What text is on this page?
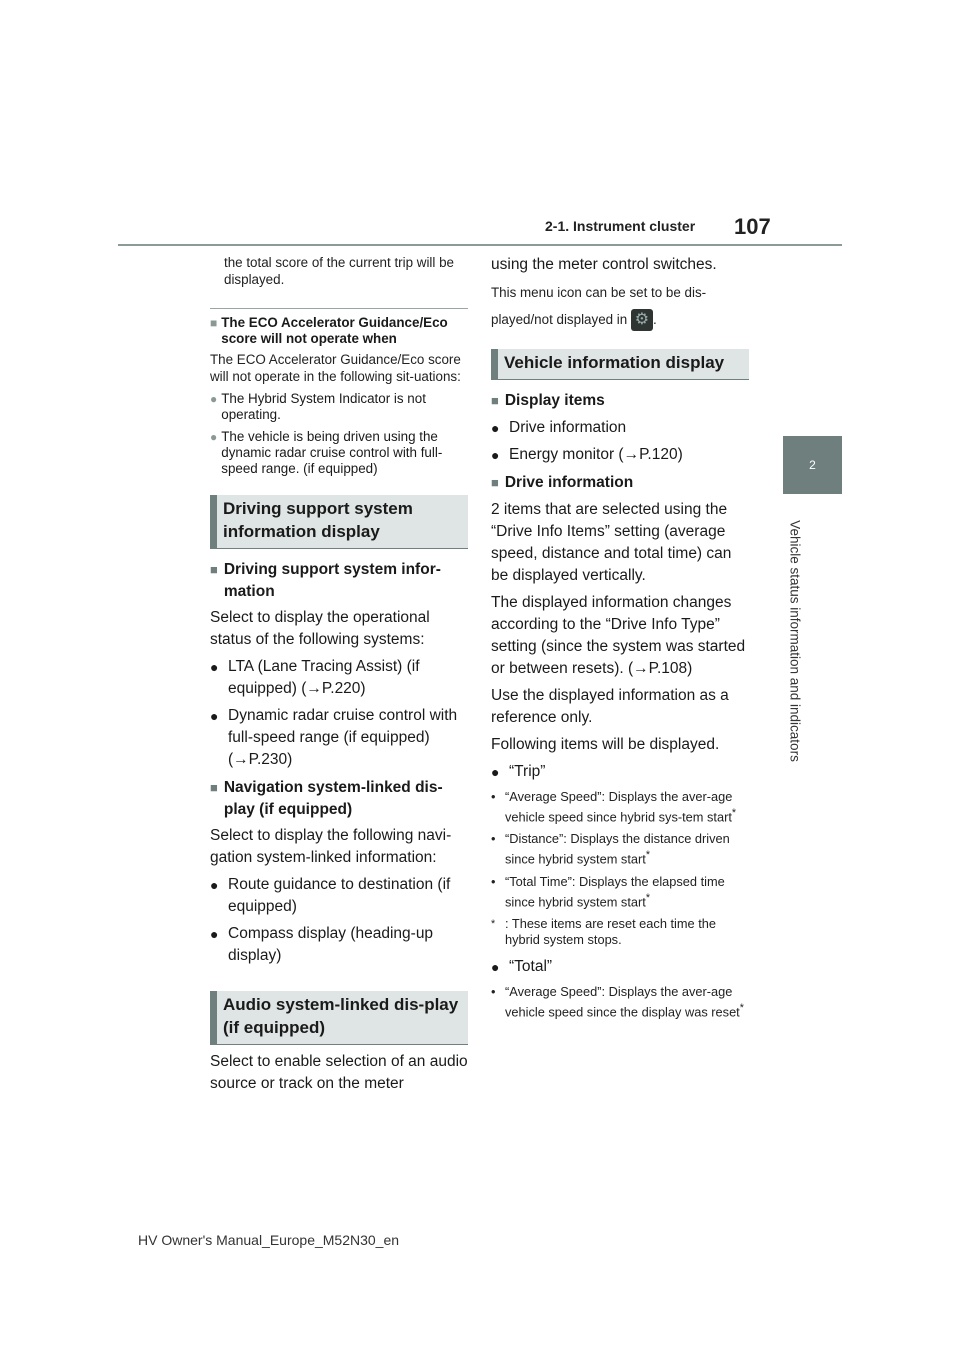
2-1. Instrument cluster 107
2
Vehicle status information and indicators

the total score of the current trip will be displayed.

■ The ECO Accelerator Guidance/Eco score will not operate when

The ECO Accelerator Guidance/Eco score will not operate in the following sit-uations:

● The Hybrid System Indicator is not operating.
● The vehicle is being driven using the dynamic radar cruise control with full-speed range. (if equipped)
Driving support system information display
■ Driving support system infor-mation

Select to display the operational status of the following systems:

● LTA (Lane Tracing Assist) (if equipped) (→P.220)
● Dynamic radar cruise control with full-speed range (if equipped) (→P.230)
■ Navigation system-linked dis-play (if equipped)

Select to display the following navi-gation system-linked information:

● Route guidance to destination (if equipped)
● Compass display (heading-up display)
Audio system-linked dis-play (if equipped)

Select to enable selection of an audio source or track on the meter

using the meter control switches.

This menu icon can be set to be dis-

played/not displayed in ⚙ .

Vehicle information display
■ Display items
● Drive information
● Energy monitor (→P.120)
■ Drive information

2 items that are selected using the “Drive Info Items” setting (average speed, distance and total time) can be displayed vertically.

The displayed information changes according to the “Drive Info Type” setting (since the system was started or between resets). (→P.108)

Use the displayed information as a reference only.

Following items will be displayed.

● “Trip”
• “Average Speed”: Displays the aver-age vehicle speed since hybrid sys-tem start*
• “Distance”: Displays the distance driven since hybrid system start*
• “Total Time”: Displays the elapsed time since hybrid system start*
* : These items are reset each time the hybrid system stops.
● “Total”
• “Average Speed”: Displays the aver-age vehicle speed since the display was reset*
HV Owner's Manual_Europe_M52N30_en
